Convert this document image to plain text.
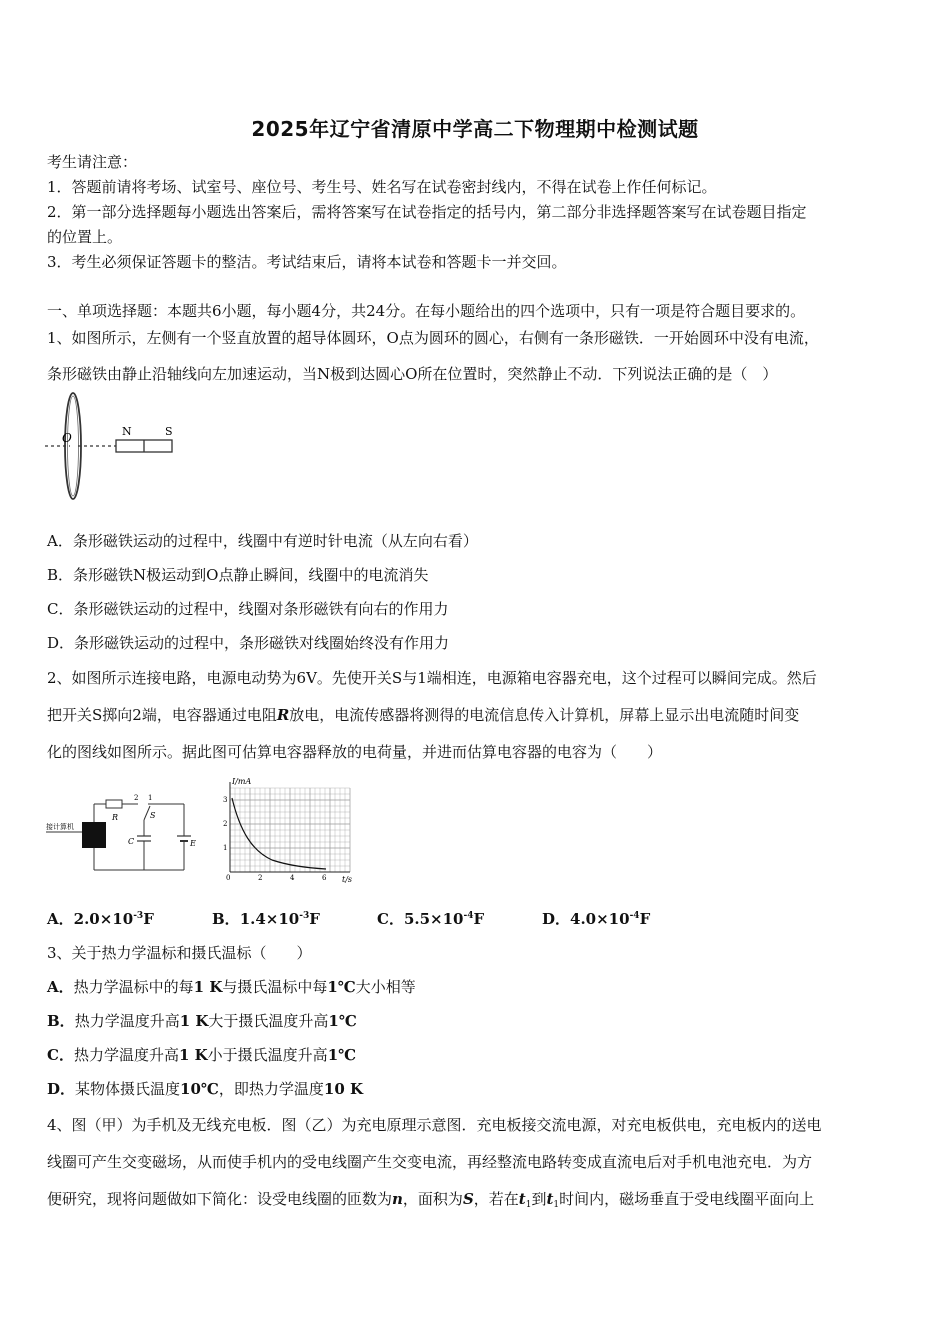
2025年辽宁省清原中学高二下物理期中检测试题
考生请注意：
1．答题前请将考场、试室号、座位号、考生号、姓名写在试卷密封线内，不得在试卷上作任何标记。
2．第一部分选择题每小题选出答案后，需将答案写在试卷指定的括号内，第二部分非选择题答案写在试卷题目指定
的位置上。
3．考生必须保证答题卡的整洁。考试结束后，请将本试卷和答题卡一并交回。
一、单项选择题：本题共6小题，每小题4分，共24分。在每小题给出的四个选项中，只有一项是符合题目要求的。
1、如图所示，左侧有一个竖直放置的超导体圆环，O点为圆环的圆心，右侧有一条形磁铁．一开始圆环中没有电流，
条形磁铁由静止沿轴线向左加速运动，当N极到达圆心O所在位置时，突然静止不动．下列说法正确的是（　）
O	N	S
A．条形磁铁运动的过程中，线圈中有逆时针电流（从左向右看）
B．条形磁铁N极运动到O点静止瞬间，线圈中的电流消失
C．条形磁铁运动的过程中，线圈对条形磁铁有向右的作用力
D．条形磁铁运动的过程中，条形磁铁对线圈始终没有作用力
2、如图所示连接电路，电源电动势为6V。先使开关S与1端相连，电源箱电容器充电，这个过程可以瞬间完成。然后
把开关S掷向2端，电容器通过电阻R放电，电流传感器将测得的电流信息传入计算机，屏幕上显示出电流随时间变
化的图线如图所示。据此图可估算电容器释放的电荷量，并进而估算电容器的电容为（　　）
接计算机
R
2 1
S
C	E
I/mA
t/s
0	2	4	6
1
2
3
A．$2.0\times 10^{-3}F$	B．$1.4\times 10^{-3}F$	C．$5.5\times 10^{-4}F$	D．$4.0\times 10^{-4}F$
3、关于热力学温标和摄氏温标（　　）
A．热力学温标中的每1 K与摄氏温标中每1℃大小相等
B．热力学温度升高1 K大于摄氏温度升高1℃
C．热力学温度升高1 K小于摄氏温度升高1℃
D．某物体摄氏温度10℃，即热力学温度10 K
4、图（甲）为手机及无线充电板．图（乙）为充电原理示意图．充电板接交流电源，对充电板供电，充电板内的送电
线圈可产生交变磁场，从而使手机内的受电线圈产生交变电流，再经整流电路转变成直流电后对手机电池充电．为方
便研究，现将问题做如下简化：设受电线圈的匝数为n，面积为S，若在$t_1$到$t_1$时间内，磁场垂直于受电线圈平面向上
